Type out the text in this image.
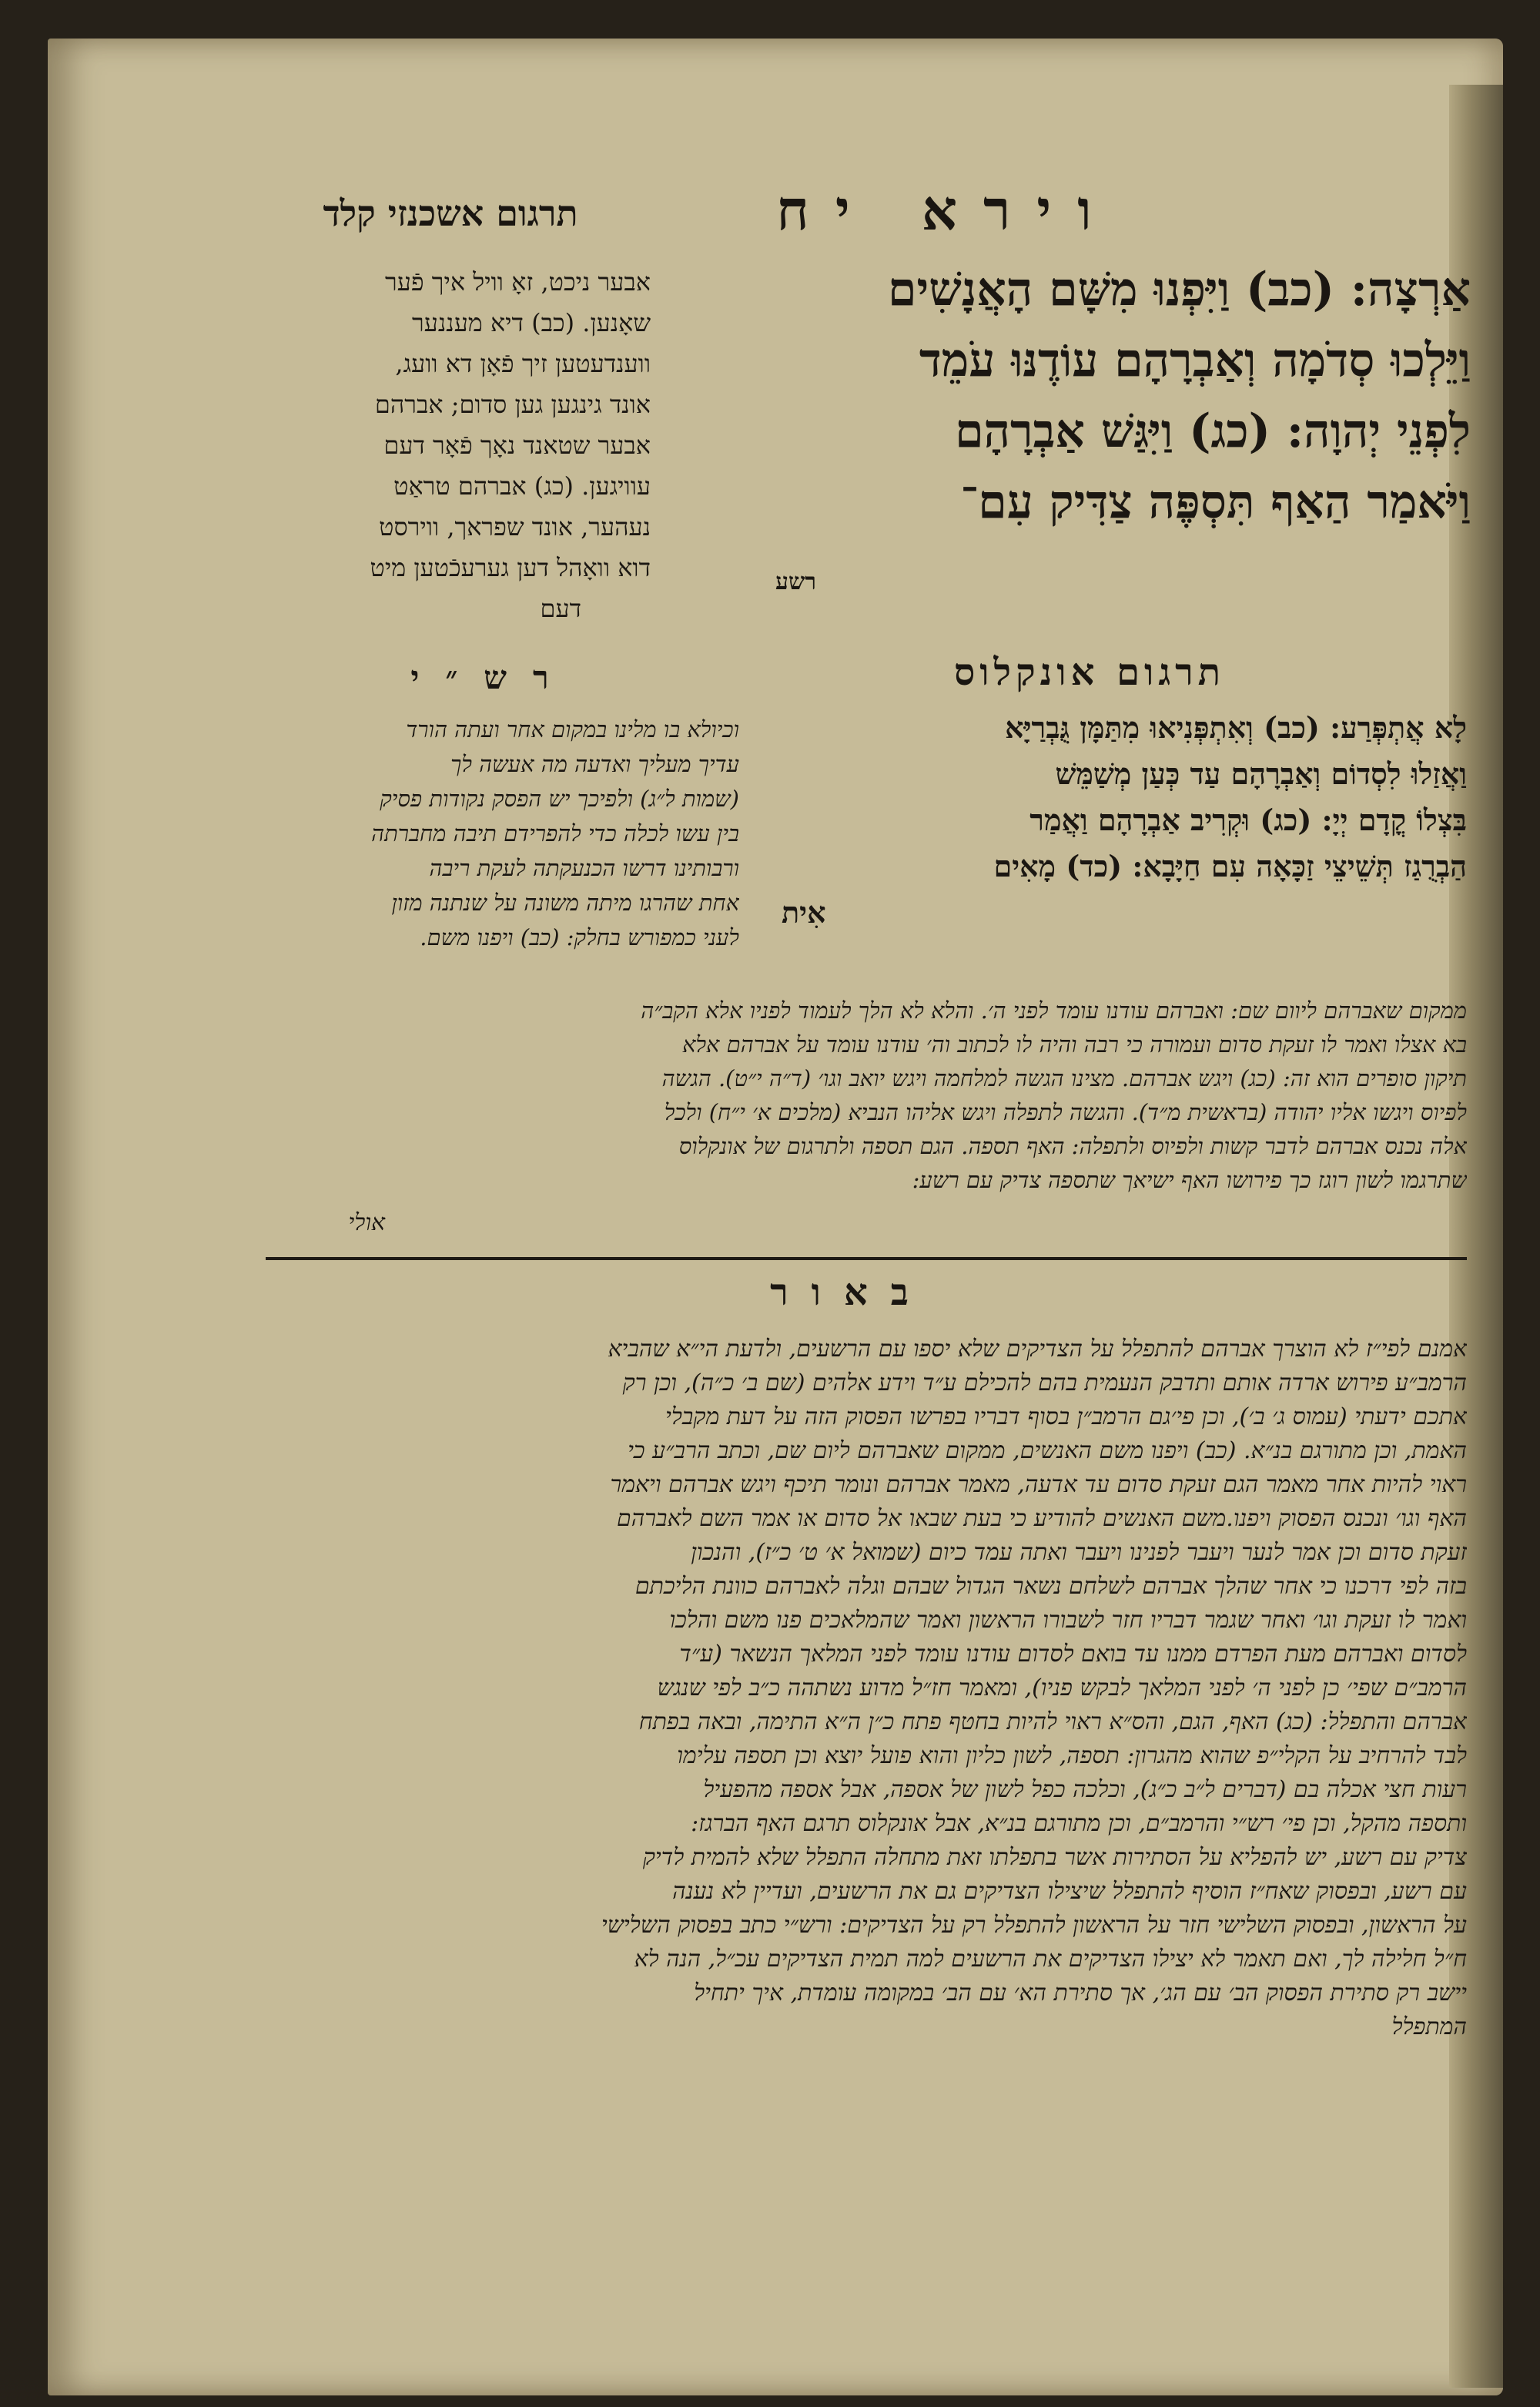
וירא יח
תרגום אשכנזי קלד
אַרְצָה: (כב) וַיִּפְנוּ מִשָּׁם הָאֲנָשִׁים
וַיֵּלְכוּ סְדֹמָה וְאַבְרָהָם עוֹדֶנּוּ עֹמֵד
לִפְנֵי יְהוָה: (כג) וַיִּגַּשׁ אַבְרָהָם
וַיֹּאמַר הַאַף תִּסְפֶּה צַדִּיק עִם־
רשע
אבער ניכט, זאָ וויל איך פֿער
שאָנען. (כב) דיא מעננער
ווענדעטען זיך פֿאָן דא וועג,
אונד גינגען גען סדום; אברהם
אבער שטאנד נאָך פֿאָר דעם
עוויגען. (כג) אברהם טראַט
נעהער, אונד שפראך, ווירסט
דוא וואָהל דען גערעכֿטען מיט
דעם
תרגום אונקלוס
לָא אֲתְפְּרַע: (כב) וְאִתְפְּנִיאוּ מִתַּמָּן גֻּבְרַיָּא
וַאֲזַלוּ לִסְדוֹם וְאַבְרָהָם עַד כְּעַן מְשַׁמֵּשׁ
בִּצְלוֹ קֳדָם יְיָ: (כג) וּקְרִיב אַבְרָהָם וַאֲמַר
הַבְרֻגַז תְּשֵׁיצֵי זַכָּאָה עִם חַיָּבָא: (כד) מָאִים
אִית
רש״י
וכיולא בו מלינו במקום אחר ועתה הורד
עדיך מעליך ואדעה מה אעשה לך
(שמות ל״ג) ולפיכך יש הפסק נקודות פסיק
בין עשו לכלה כדי להפרידם תיבה מחברתה
ורבותינו דרשו הכנעקתה לעקת ריבה
אחת שהרגו מיתה משונה על שנתנה מזון
לעני כמפורש בחלק: (כב) ויפנו משם.
ממקום שאברהם ליוום שם: ואברהם עודנו עומד לפני ה׳. והלא לא הלך לעמוד לפניו אלא הקב״ה
בא אצלו ואמר לו זעקת סדום ועמורה כי רבה והיה לו לכתוב וה׳ עודנו עומד על אברהם אלא
תיקון סופרים הוא זה: (כג) ויגש אברהם. מצינו הגשה למלחמה ויגש יואב וגו׳ (ד״ה י״ט). הגשה
לפיוס ויגשו אליו יהודה (בראשית מ״ד). והגשה לתפלה ויגש אליהו הנביא (מלכים א׳ י״ח) ולכל
אלה נכנס אברהם לדבר קשות ולפיוס ולתפלה: האף תספה. הגם תספה ולתרגום של אונקלוס
שתרגמו לשון רוגז כך פירושו האף ישיאך שתספה צדיק עם רשע:
אולי
באור
אמנם לפי״ז לא הוצרך אברהם להתפלל על הצדיקים שלא יספו עם הרשעים, ולדעת הי״א שהביא
הרמב״ע פירוש ארדה אותם ותדבק הנעמית בהם להכילם ע״ד וידע אלהים (שם ב׳ כ״ה), וכן רק
אתכם ידעתי (עמוס ג׳ ב׳), וכן פי׳גם הרמב״ן בסוף דבריו בפרשו הפסוק הזה על דעת מקבלי
האמת, וכן מתורגם בנ״א. (כב) ויפנו משם האנשים, ממקום שאברהם ליום שם, וכתב הרב״ע כי
ראוי להיות אחר מאמר הגם זעקת סדום עד אדעה, מאמר אברהם ונומר תיכף ויגש אברהם ויאמר
האף וגו׳ ונכנס הפסוק ויפנו.משם האנשים להודיע כי בעת שבאו אל סדום או אמר השם לאברהם
זעקת סדום וכן אמר לנער ויעבר לפנינו ויעבר ואתה עמד כיום (שמואל א׳ ט׳ כ״ז), והנכון
בזה לפי דרכנו כי אחר שהלך אברהם לשלחם נשאר הגדול שבהם וגלה לאברהם כוונת הליכתם
ואמר לו זעקת וגו׳ ואחר שגמר דבריו חזר לשבורו הראשון ואמר שהמלאכים פנו משם והלכו
לסדום ואברהם מעת הפרדם ממנו עד בואם לסדום עודנו עומד לפני המלאך הנשאר (ע״ד
הרמב״ם שפי׳ כן לפני ה׳ לפני המלאך לבקש פניו), ומאמר חז״ל מדוע נשתהה כ״ב לפי שנגש
אברהם והתפלל: (כג) האף, הגם, והס״א ראוי להיות בחטף פתח כ״ן ה״א התימה, ובאה בפתח
לבד להרחיב על הקלי״פ שהוא מהגרון: תספה, לשון כליון והוא פועל יוצא וכן תספה עלימו
רעות חצי אכלה בם (דברים ל״ב כ״ג), וכלכה כפל לשון של אספה, אבל אספה מהפעיל
ותספה מהקל, וכן פי׳ רש״י והרמב״ם, וכן מתורגם בנ״א, אבל אונקלוס תרגם האף הברגז:
צדיק עם רשע, יש להפליא על הסתירות אשר בתפלתו זאת מתחלה התפלל שלא להמית לדיק
עם רשע, ובפסוק שאח״ז הוסיף להתפלל שיצילו הצדיקים גם את הרשעים, ועדיין לא נענה
על הראשון, ובפסוק השלישי חזר על הראשון להתפלל רק על הצדיקים: ורש״י כתב בפסוק השלישי
ח״ל חלילה לך, ואם תאמר לא יצילו הצדיקים את הרשעים למה תמית הצדיקים עכ״ל, הנה לא
יישב רק סתירת הפסוק הב׳ עם הג׳, אך סתירת הא׳ עם הב׳ במקומה עומדת, איך יתחיל
המתפלל
